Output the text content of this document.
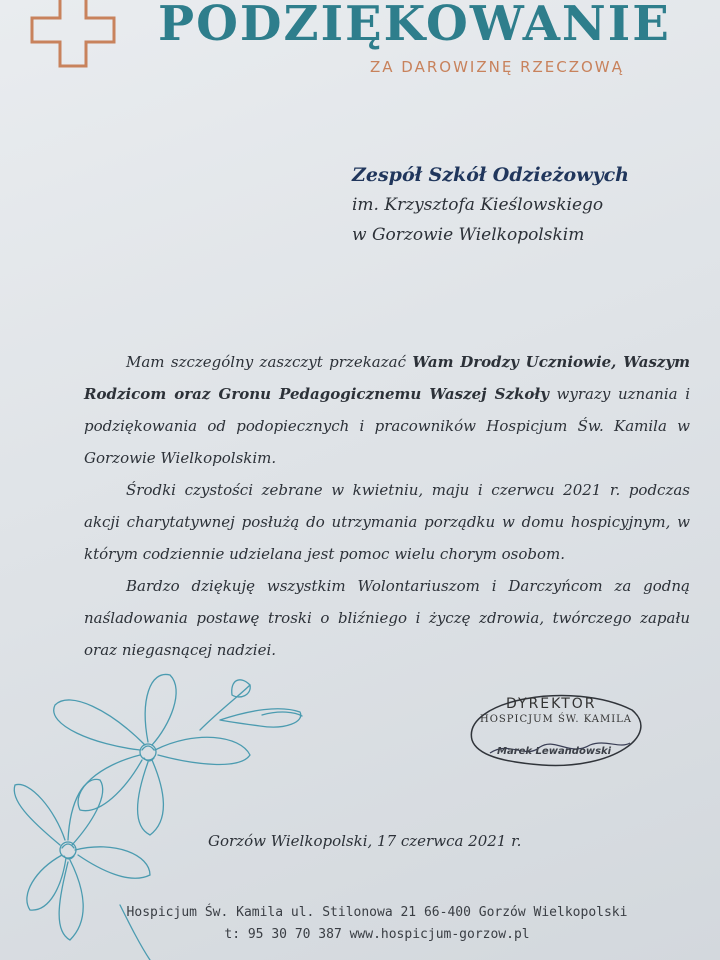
PODZIĘKOWANIE
ZA DAROWIZNĘ RZECZOWĄ
Zespół Szkół Odzieżowych
im. Krzysztofa Kieślowskiego
w Gorzowie Wielkopolskim

Mam szczególny zaszczyt przekazać Wam Drodzy Uczniowie, Waszym Rodzicom oraz Gronu Pedagogicznemu Waszej Szkoły wyrazy uznania i podziękowania od podopiecznych i pracowników Hospicjum Św. Kamila w Gorzowie Wielkopolskim.

Środki czystości zebrane w kwietniu, maju i czerwcu 2021 r. podczas akcji charytatywnej posłużą do utrzymania porządku w domu hospicyjnym, w którym codziennie udzielana jest pomoc wielu chorym osobom.

Bardzo dziękuję wszystkim Wolontariuszom i Darczyńcom za godną naśladowania postawę troski o bliźniego i życzę zdrowia, twórczego zapału oraz niegasnącej nadziei.

DYREKTOR
HOSPICJUM ŚW. KAMILA
Marek Lewandowski
Gorzów Wielkopolski, 17 czerwca 2021 r.
Hospicjum Św. Kamila ul. Stilonowa 21 66-400 Gorzów Wielkopolski
t: 95 30 70 387 www.hospicjum-gorzow.pl
